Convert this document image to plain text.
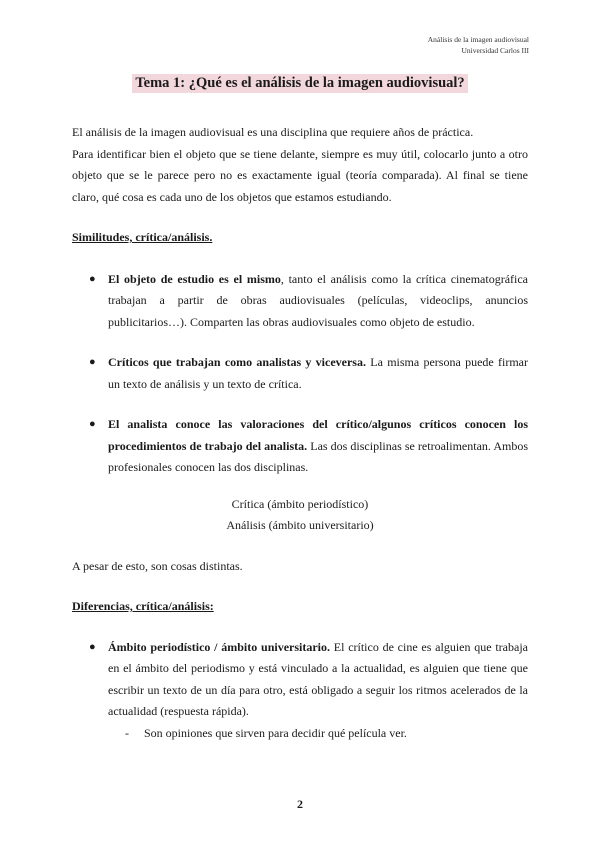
Análisis de la imagen audiovisual
Universidad Carlos III
Tema 1: ¿Qué es el análisis de la imagen audiovisual?

El análisis de la imagen audiovisual es una disciplina que requiere años de práctica.

Para identificar bien el objeto que se tiene delante, siempre es muy útil, colocarlo junto a otro objeto que se le parece pero no es exactamente igual (teoría comparada). Al final se tiene claro, qué cosa es cada uno de los objetos que estamos estudiando.

Similitudes, crítica/análisis.

● El objeto de estudio es el mismo, tanto el análisis como la crítica cinematográfica trabajan a partir de obras audiovisuales (películas, videoclips, anuncios publicitarios…). Comparten las obras audiovisuales como objeto de estudio.
● Críticos que trabajan como analistas y viceversa. La misma persona puede firmar un texto de análisis y un texto de crítica.
● El analista conoce las valoraciones del crítico/algunos críticos conocen los procedimientos de trabajo del analista. Las dos disciplinas se retroalimentan. Ambos profesionales conocen las dos disciplinas.
Crítica (ámbito periodístico)
Análisis (ámbito universitario)

A pesar de esto, son cosas distintas.

Diferencias, crítica/análisis:

● Ámbito periodístico / ámbito universitario. El crítico de cine es alguien que trabaja en el ámbito del periodismo y está vinculado a la actualidad, es alguien que tiene que escribir un texto de un día para otro, está obligado a seguir los ritmos acelerados de la actualidad (respuesta rápida).

- Son opiniones que sirven para decidir qué película ver.

2
